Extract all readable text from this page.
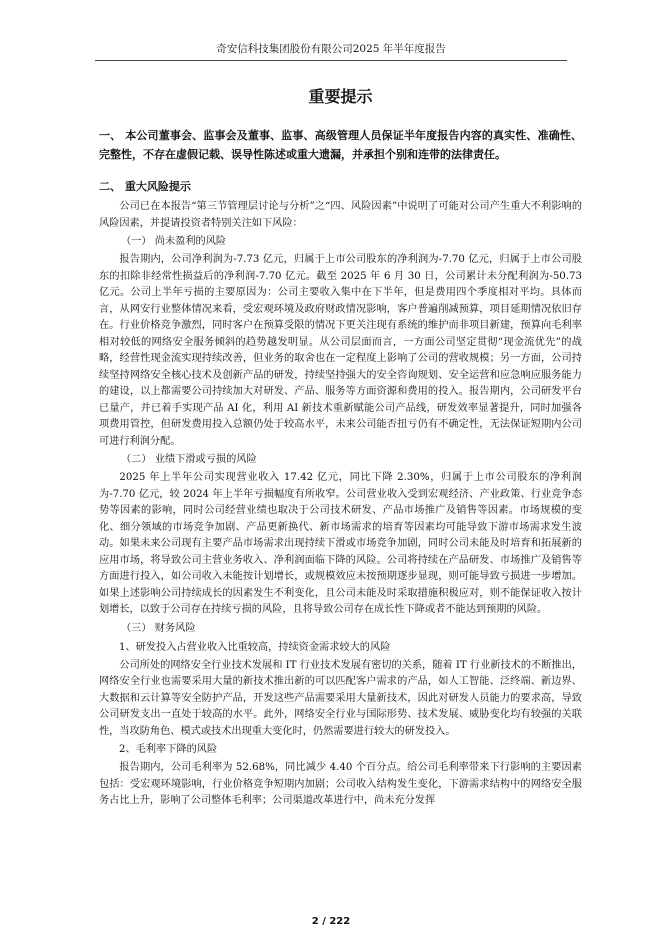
奇安信科技集团股份有限公司2025 年半年度报告
重要提示
一、 本公司董事会、监事会及董事、监事、高级管理人员保证半年度报告内容的真实性、准确性、完整性，不存在虚假记载、误导性陈述或重大遗漏，并承担个别和连带的法律责任。
二、 重大风险提示

公司已在本报告“第三节管理层讨论与分析”之“四、风险因素”中说明了可能对公司产生重大不利影响的风险因素，并提请投资者特别关注如下风险：

（一） 尚未盈利的风险

报告期内，公司净利润为-7.73 亿元，归属于上市公司股东的净利润为-7.70 亿元，归属于上市公司股东的扣除非经常性损益后的净利润-7.70 亿元。截至 2025 年 6 月 30 日，公司累计未分配利润为-50.73 亿元。公司上半年亏损的主要原因为：公司主要收入集中在下半年，但是费用四个季度相对平均。具体而言，从网安行业整体情况来看，受宏观环境及政府财政情况影响，客户普遍削减预算，项目延期情况依旧存在。行业价格竞争激烈，同时客户在预算受限的情况下更关注现有系统的维护而非项目新建，预算向毛利率相对较低的网络安全服务倾斜的趋势越发明显。从公司层面而言，一方面公司坚定贯彻“现金流优先”的战略，经营性现金流实现持续改善，但业务的取舍也在一定程度上影响了公司的营收规模；另一方面，公司持续坚持网络安全核心技术及创新产品的研发，持续坚持强大的安全咨询规划、安全运营和应急响应服务能力的建设，以上都需要公司持续加大对研发、产品、服务等方面资源和费用的投入。报告期内，公司研发平台已量产，并已着手实现产品 AI 化，利用 AI 新技术重新赋能公司产品线，研发效率显著提升，同时加强各项费用管控，但研发费用投入总额仍处于较高水平，未来公司能否扭亏仍有不确定性，无法保证短期内公司可进行利润分配。

（二） 业绩下滑或亏损的风险

2025 年上半年公司实现营业收入 17.42 亿元，同比下降 2.30%，归属于上市公司股东的净利润为-7.70 亿元，较 2024 年上半年亏损幅度有所收窄。公司营业收入受到宏观经济、产业政策、行业竞争态势等因素的影响，同时公司经营业绩也取决于公司技术研发、产品市场推广及销售等因素。市场规模的变化、细分领域的市场竞争加剧、产品更新换代、新市场需求的培育等因素均可能导致下游市场需求发生波动。如果未来公司现有主要产品市场需求出现持续下滑或市场竞争加剧，同时公司未能及时培育和拓展新的应用市场，将导致公司主营业务收入、净利润面临下降的风险。公司将持续在产品研发、市场推广及销售等方面进行投入，如公司收入未能按计划增长，或规模效应未按预期逐步显现，则可能导致亏损进一步增加。如果上述影响公司持续成长的因素发生不利变化，且公司未能及时采取措施积极应对，则不能保证收入按计划增长，以致于公司存在持续亏损的风险，且将导致公司存在成长性下降或者不能达到预期的风险。

（三） 财务风险
1、研发投入占营业收入比重较高，持续资金需求较大的风险

公司所处的网络安全行业技术发展和 IT 行业技术发展有密切的关系，随着 IT 行业新技术的不断推出，网络安全行业也需要采用大量的新技术推出新的可以匹配客户需求的产品，如人工智能、泛终端、新边界、大数据和云计算等安全防护产品，开发这些产品需要采用大量新技术，因此对研发人员能力的要求高，导致公司研发支出一直处于较高的水平。此外，网络安全行业与国际形势、技术发展、威胁变化均有较强的关联性，当攻防角色、模式或技术出现重大变化时，仍然需要进行较大的研发投入。

2、毛利率下降的风险

报告期内，公司毛利率为 52.68%，同比减少 4.40 个百分点。给公司毛利率带来下行影响的主要因素包括：受宏观环境影响，行业价格竞争短期内加剧；公司收入结构发生变化，下游需求结构中的网络安全服务占比上升，影响了公司整体毛利率；公司渠道改革进行中，尚未充分发挥

2 / 222
